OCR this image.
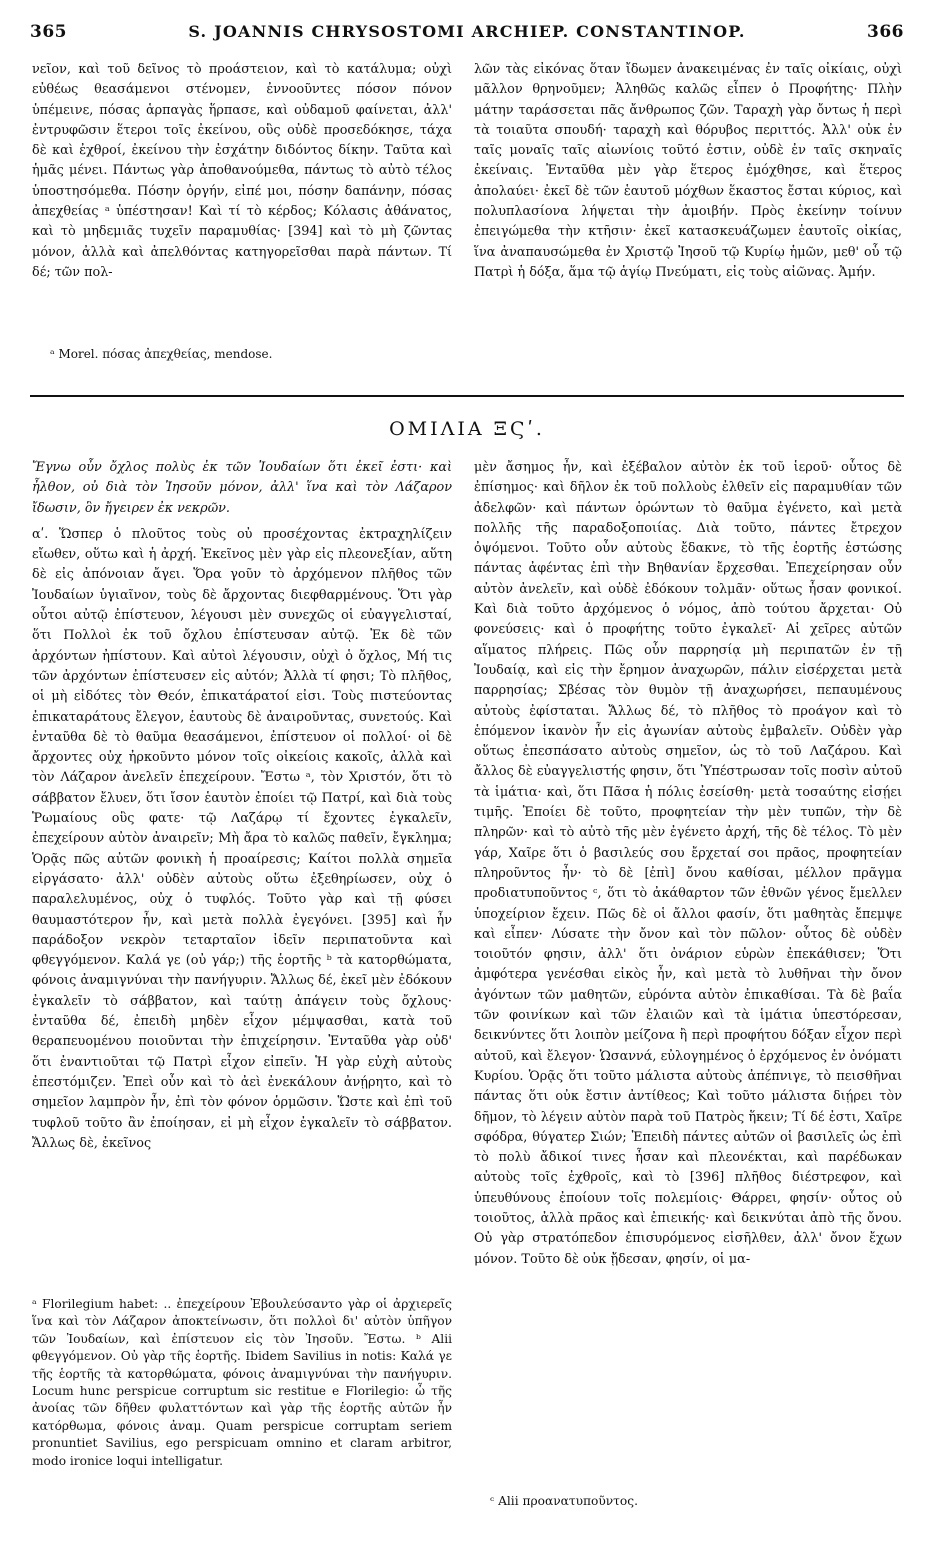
365	S. JOANNIS CHRYSOSTOMI ARCHIEP. CONSTANTINOP.	366

νεῖον, καὶ τοῦ δεῖνος τὸ προάστειον, καὶ τὸ κατάλυμα; οὐχὶ εὐθέως θεασάμενοι στένομεν, ἐννοοῦντες πόσον πόνον ὑπέμεινε, πόσας ἁρπαγὰς ἥρπασε, καὶ οὐδαμοῦ φαίνεται, ἀλλ' ἐντρυφῶσιν ἕτεροι τοῖς ἐκείνου, οὓς οὐδὲ προσεδόκησε, τάχα δὲ καὶ ἐχθροί, ἐκείνου τὴν ἐσχάτην διδόντος δίκην. Ταῦτα καὶ ἡμᾶς μένει. Πάντως γὰρ ἀποθανούμεθα, πάντως τὸ αὐτὸ τέλος ὑποστησόμεθα. Πόσην ὀργήν, εἰπέ μοι, πόσην δαπάνην, πόσας ἀπεχθείας ᵃ ὑπέστησαν! Καὶ τί τὸ κέρδος; Κόλασις ἀθάνατος, καὶ τὸ μηδεμιᾶς τυχεῖν παραμυθίας· [394] καὶ τὸ μὴ ζῶντας μόνον, ἀλλὰ καὶ ἀπελθόντας κατηγορεῖσθαι παρὰ πάντων. Τί δέ; τῶν πολ-

λῶν τὰς εἰκόνας ὅταν ἴδωμεν ἀνακειμένας ἐν ταῖς οἰκίαις, οὐχὶ μᾶλλον θρηνοῦμεν; Ἀληθῶς καλῶς εἶπεν ὁ Προφήτης· Πλὴν μάτην ταράσσεται πᾶς ἄνθρωπος ζῶν. Ταραχὴ γὰρ ὄντως ἡ περὶ τὰ τοιαῦτα σπουδή· ταραχὴ καὶ θόρυβος περιττός. Ἀλλ' οὐκ ἐν ταῖς μοναῖς ταῖς αἰωνίοις τοῦτό ἐστιν, οὐδὲ ἐν ταῖς σκηναῖς ἐκείναις. Ἐνταῦθα μὲν γὰρ ἕτερος ἐμόχθησε, καὶ ἕτερος ἀπολαύει· ἐκεῖ δὲ τῶν ἑαυτοῦ μόχθων ἕκαστος ἔσται κύριος, καὶ πολυπλασίονα λήψεται τὴν ἀμοιβήν. Πρὸς ἐκείνην τοίνυν ἐπειγώμεθα τὴν κτῆσιν· ἐκεῖ κατασκευάζωμεν ἑαυτοῖς οἰκίας, ἵνα ἀναπαυσώμεθα ἐν Χριστῷ Ἰησοῦ τῷ Κυρίῳ ἡμῶν, μεθ' οὗ τῷ Πατρὶ ἡ δόξα, ἅμα τῷ ἁγίῳ Πνεύματι, εἰς τοὺς αἰῶνας. Ἀμήν.

ᵃ Morel. πόσας ἀπεχθείας, mendose.
ΟΜΙΛΙΑ ΞϚʹ.

Ἔγνω οὖν ὄχλος πολὺς ἐκ τῶν Ἰουδαίων ὅτι ἐκεῖ ἐστι· καὶ ἦλθον, οὐ διὰ τὸν Ἰησοῦν μόνον, ἀλλ' ἵνα καὶ τὸν Λάζαρον ἴδωσιν, ὃν ἤγειρεν ἐκ νεκρῶν.

αʹ. Ὥσπερ ὁ πλοῦτος τοὺς οὐ προσέχοντας ἐκτραχηλίζειν εἴωθεν, οὕτω καὶ ἡ ἀρχή. Ἐκεῖνος μὲν γὰρ εἰς πλεονεξίαν, αὕτη δὲ εἰς ἀπόνοιαν ἄγει. Ὅρα γοῦν τὸ ἀρχόμενον πλῆθος τῶν Ἰουδαίων ὑγιαῖνον, τοὺς δὲ ἄρχοντας διεφθαρμένους. Ὅτι γὰρ οὗτοι αὐτῷ ἐπίστευον, λέγουσι μὲν συνεχῶς οἱ εὐαγγελισταί, ὅτι Πολλοὶ ἐκ τοῦ ὄχλου ἐπίστευσαν αὐτῷ. Ἐκ δὲ τῶν ἀρχόντων ἠπίστουν. Καὶ αὐτοὶ λέγουσιν, οὐχὶ ὁ ὄχλος, Μή τις τῶν ἀρχόντων ἐπίστευσεν εἰς αὐτόν; Ἀλλὰ τί φησι; Τὸ πλῆθος, οἱ μὴ εἰδότες τὸν Θεόν, ἐπικατάρατοί εἰσι. Τοὺς πιστεύοντας ἐπικαταράτους ἔλεγον, ἑαυτοὺς δὲ ἀναιροῦντας, συνετούς. Καὶ ἐνταῦθα δὲ τὸ θαῦμα θεασάμενοι, ἐπίστευον οἱ πολλοί· οἱ δὲ ἄρχοντες οὐχ ἠρκοῦντο μόνον τοῖς οἰκείοις κακοῖς, ἀλλὰ καὶ τὸν Λάζαρον ἀνελεῖν ἐπεχείρουν. Ἔστω ᵃ, τὸν Χριστόν, ὅτι τὸ σάββατον ἔλυεν, ὅτι ἴσον ἑαυτὸν ἐποίει τῷ Πατρί, καὶ διὰ τοὺς Ῥωμαίους οὓς φατε· τῷ Λαζάρῳ τί ἔχοντες ἐγκαλεῖν, ἐπεχείρουν αὐτὸν ἀναιρεῖν; Μὴ ἄρα τὸ καλῶς παθεῖν, ἔγκλημα; Ὁρᾷς πῶς αὐτῶν φονικὴ ἡ προαίρεσις; Καίτοι πολλὰ σημεῖα εἰργάσατο· ἀλλ' οὐδὲν αὐτοὺς οὕτω ἐξεθηρίωσεν, οὐχ ὁ παραλελυμένος, οὐχ ὁ τυφλός. Τοῦτο γὰρ καὶ τῇ φύσει θαυμαστότερον ἦν, καὶ μετὰ πολλὰ ἐγεγόνει. [395] καὶ ἦν παράδοξον νεκρὸν τεταρταῖον ἰδεῖν περιπατοῦντα καὶ φθεγγόμενον. Καλά γε (οὐ γάρ;) τῆς ἑορτῆς ᵇ τὰ κατορθώματα, φόνοις ἀναμιγνύναι τὴν πανήγυριν. Ἄλλως δέ, ἐκεῖ μὲν ἐδόκουν ἐγκαλεῖν τὸ σάββατον, καὶ ταύτῃ ἀπάγειν τοὺς ὄχλους· ἐνταῦθα δέ, ἐπειδὴ μηδὲν εἶχον μέμψασθαι, κατὰ τοῦ θεραπευομένου ποιοῦνται τὴν ἐπιχείρησιν. Ἐνταῦθα γὰρ οὐδ' ὅτι ἐναντιοῦται τῷ Πατρὶ εἶχον εἰπεῖν. Ἡ γὰρ εὐχὴ αὐτοὺς ἐπεστόμιζεν. Ἐπεὶ οὖν καὶ τὸ ἀεὶ ἐνεκάλουν ἀνῄρητο, καὶ τὸ σημεῖον λαμπρὸν ἦν, ἐπὶ τὸν φόνον ὁρμῶσιν. Ὥστε καὶ ἐπὶ τοῦ τυφλοῦ τοῦτο ἂν ἐποίησαν, εἰ μὴ εἶχον ἐγκαλεῖν τὸ σάββατον. Ἄλλως δὲ, ἐκεῖνος

μὲν ἄσημος ἦν, καὶ ἐξέβαλον αὐτὸν ἐκ τοῦ ἱεροῦ· οὗτος δὲ ἐπίσημος· καὶ δῆλον ἐκ τοῦ πολλοὺς ἐλθεῖν εἰς παραμυθίαν τῶν ἀδελφῶν· καὶ πάντων ὁρώντων τὸ θαῦμα ἐγένετο, καὶ μετὰ πολλῆς τῆς παραδοξοποιίας. Διὰ τοῦτο, πάντες ἔτρεχον ὀψόμενοι. Τοῦτο οὖν αὐτοὺς ἔδακνε, τὸ τῆς ἑορτῆς ἑστώσης πάντας ἀφέντας ἐπὶ τὴν Βηθανίαν ἔρχεσθαι. Ἐπεχείρησαν οὖν αὐτὸν ἀνελεῖν, καὶ οὐδὲ ἐδόκουν τολμᾶν· οὕτως ἦσαν φονικοί. Καὶ διὰ τοῦτο ἀρχόμενος ὁ νόμος, ἀπὸ τούτου ἄρχεται· Οὐ φονεύσεις· καὶ ὁ προφήτης τοῦτο ἐγκαλεῖ· Αἱ χεῖρες αὐτῶν αἵματος πλήρεις. Πῶς οὖν παρρησίᾳ μὴ περιπατῶν ἐν τῇ Ἰουδαίᾳ, καὶ εἰς τὴν ἔρημον ἀναχωρῶν, πάλιν εἰσέρχεται μετὰ παρρησίας; Σβέσας τὸν θυμὸν τῇ ἀναχωρήσει, πεπαυμένους αὐτοὺς ἐφίσταται. Ἄλλως δέ, τὸ πλῆθος τὸ προάγον καὶ τὸ ἑπόμενον ἱκανὸν ἦν εἰς ἀγωνίαν αὐτοὺς ἐμβαλεῖν. Οὐδὲν γὰρ οὕτως ἐπεσπάσατο αὐτοὺς σημεῖον, ὡς τὸ τοῦ Λαζάρου. Καὶ ἄλλος δὲ εὐαγγελιστής φησιν, ὅτι Ὑπέστρωσαν τοῖς ποσὶν αὐτοῦ τὰ ἱμάτια· καὶ, ὅτι Πᾶσα ἡ πόλις ἐσείσθη· μετὰ τοσαύτης εἰσῄει τιμῆς. Ἐποίει δὲ τοῦτο, προφητείαν τὴν μὲν τυπῶν, τὴν δὲ πληρῶν· καὶ τὸ αὐτὸ τῆς μὲν ἐγένετο ἀρχή, τῆς δὲ τέλος. Τὸ μὲν γάρ, Χαῖρε ὅτι ὁ βασιλεύς σου ἔρχεταί σοι πρᾶος, προφητείαν πληροῦντος ἦν· τὸ δὲ [ἐπὶ] ὄνου καθίσαι, μέλλον πρᾶγμα προδιατυποῦντος ᶜ, ὅτι τὸ ἀκάθαρτον τῶν ἐθνῶν γένος ἔμελλεν ὑποχείριον ἔχειν. Πῶς δὲ οἱ ἄλλοι φασίν, ὅτι μαθητὰς ἔπεμψε καὶ εἶπεν· Λύσατε τὴν ὄνον καὶ τὸν πῶλον· οὗτος δὲ οὐδὲν τοιοῦτόν φησιν, ἀλλ' ὅτι ὀνάριον εὑρὼν ἐπεκάθισεν; Ὅτι ἀμφότερα γενέσθαι εἰκὸς ἦν, καὶ μετὰ τὸ λυθῆναι τὴν ὄνον ἀγόντων τῶν μαθητῶν, εὑρόντα αὐτὸν ἐπικαθίσαι. Τὰ δὲ βαΐα τῶν φοινίκων καὶ τῶν ἐλαιῶν καὶ τὰ ἱμάτια ὑπεστόρεσαν, δεικνύντες ὅτι λοιπὸν μείζονα ἢ περὶ προφήτου δόξαν εἶχον περὶ αὐτοῦ, καὶ ἔλεγον· Ὡσαννά, εὐλογημένος ὁ ἐρχόμενος ἐν ὀνόματι Κυρίου. Ὁρᾷς ὅτι τοῦτο μάλιστα αὐτοὺς ἀπέπνιγε, τὸ πεισθῆναι πάντας ὅτι οὐκ ἔστιν ἀντίθεος; Καὶ τοῦτο μάλιστα διῄρει τὸν δῆμον, τὸ λέγειν αὐτὸν παρὰ τοῦ Πατρὸς ἥκειν; Τί δέ ἐστι, Χαῖρε σφόδρα, θύγατερ Σιών; Ἐπειδὴ πάντες αὐτῶν οἱ βασιλεῖς ὡς ἐπὶ τὸ πολὺ ἄδικοί τινες ἦσαν καὶ πλεονέκται, καὶ παρέδωκαν αὐτοὺς τοῖς ἐχθροῖς, καὶ τὸ [396] πλῆθος διέστρεφον, καὶ ὑπευθύνους ἐποίουν τοῖς πολεμίοις· Θάρρει, φησίν· οὗτος οὐ τοιοῦτος, ἀλλὰ πρᾶος καὶ ἐπιεικής· καὶ δεικνύται ἀπὸ τῆς ὄνου. Οὐ γὰρ στρατόπεδον ἐπισυρόμενος εἰσῆλθεν, ἀλλ' ὄνον ἔχων μόνον. Τοῦτο δὲ οὐκ ᾔδεσαν, φησίν, οἱ μα-

ᵃ Florilegium habet: .. ἐπεχείρουν Ἐβουλεύσαντο γὰρ οἱ ἀρχιερεῖς ἵνα καὶ τὸν Λάζαρον ἀποκτείνωσιν, ὅτι πολλοὶ δι' αὐτὸν ὑπῆγον τῶν Ἰουδαίων, καὶ ἐπίστευον εἰς τὸν Ἰησοῦν. Ἔστω. ᵇ Alii φθεγγόμενον. Οὐ γὰρ τῆς ἑορτῆς. Ibidem Savilius in notis: Καλά γε τῆς ἑορτῆς τὰ κατορθώματα, φόνοις ἀναμιγνύναι τὴν πανήγυριν. Locum hunc perspicue corruptum sic restitue e Florilegio: ὦ τῆς ἀνοίας τῶν δῆθεν φυλαττόντων καὶ γὰρ τῆς ἑορτῆς αὐτῶν ἦν κατόρθωμα, φόνοις ἀναμ. Quam perspicue corruptam seriem pronuntiet Savilius, ego perspicuam omnino et claram arbitror, modo ironice loqui intelligatur.
ᶜ Alii προανατυποῦντος.
